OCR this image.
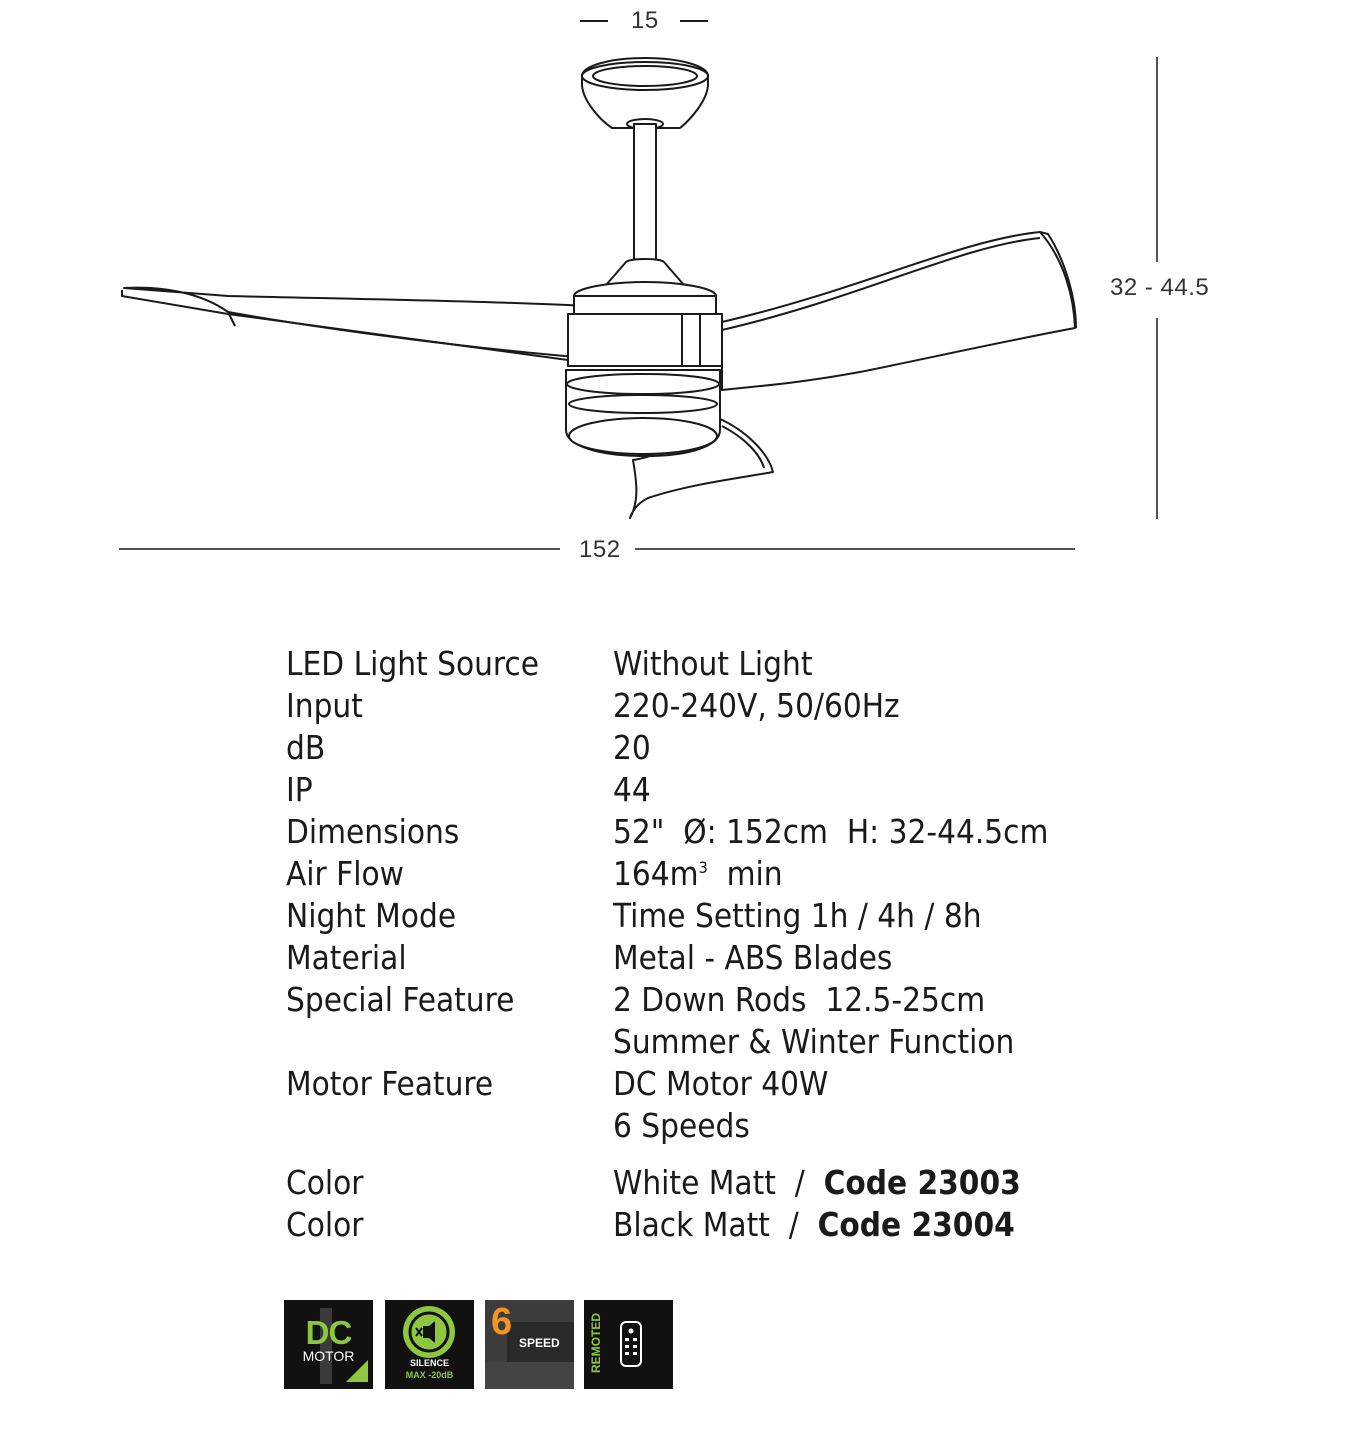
15
32 - 44.5
152
LED Light Source	Without Light
Input	220-240V, 50/60Hz
dB	20
IP	44
Dimensions	52"  Ø: 152cm  H: 32-44.5cm
Air Flow	$164m^3$  min
Night Mode	Time Setting 1h / 4h / 8h
Material	Metal - ABS Blades
Special Feature	2 Down Rods  12.5-25cm
Summer & Winter Function
Motor Feature	DC Motor 40W
6 Speeds
Color	White Matt  /  Code 23003
Color	Black Matt  /  Code 23004
DC
MOTOR	SILENCE
MAX -20dB
6 SPEED REMOTED
